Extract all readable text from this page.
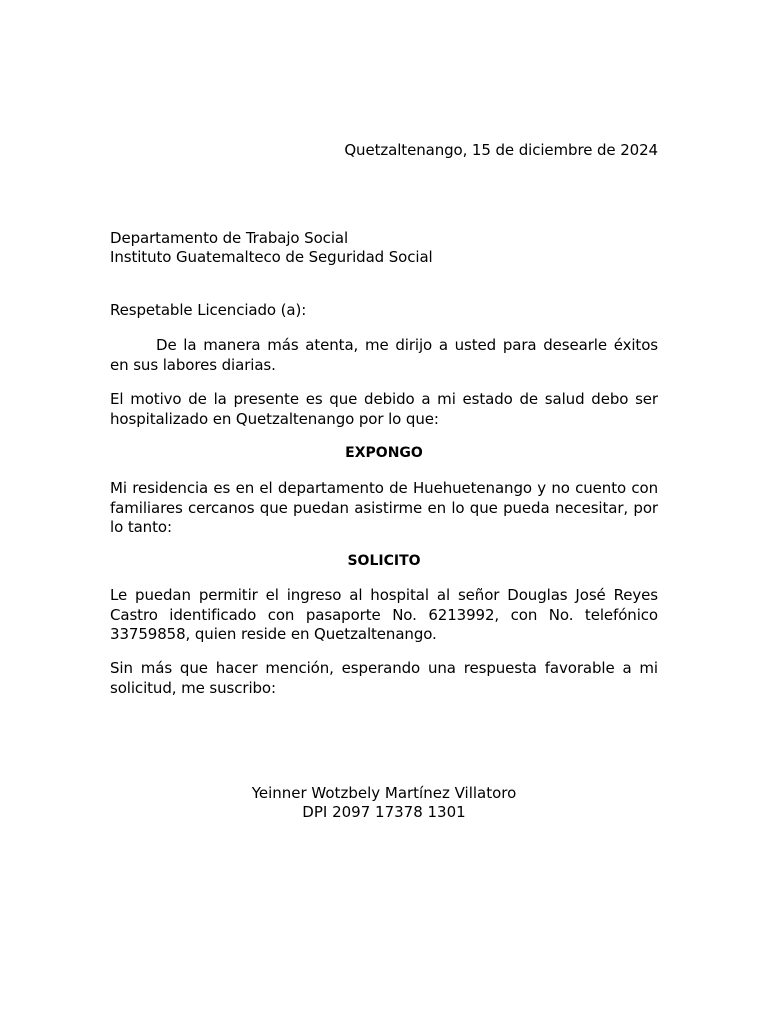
Quetzaltenango, 15 de diciembre de 2024
Departamento de Trabajo Social
Instituto Guatemalteco de Seguridad Social
Respetable Licenciado (a):
De la manera más atenta, me dirijo a usted para desearle éxitos en sus labores diarias.
El motivo de la presente es que debido a mi estado de salud debo ser hospitalizado en Quetzaltenango por lo que:
EXPONGO
Mi residencia es en el departamento de Huehuetenango y no cuento con familiares cercanos que puedan asistirme en lo que pueda necesitar, por lo tanto:
SOLICITO
Le puedan permitir el ingreso al hospital al señor Douglas José Reyes Castro identificado con pasaporte No. 6213992, con No. telefónico 33759858, quien reside en Quetzaltenango.
Sin más que hacer mención, esperando una respuesta favorable a mi solicitud, me suscribo:
Yeinner Wotzbely Martínez Villatoro
DPI 2097 17378 1301
